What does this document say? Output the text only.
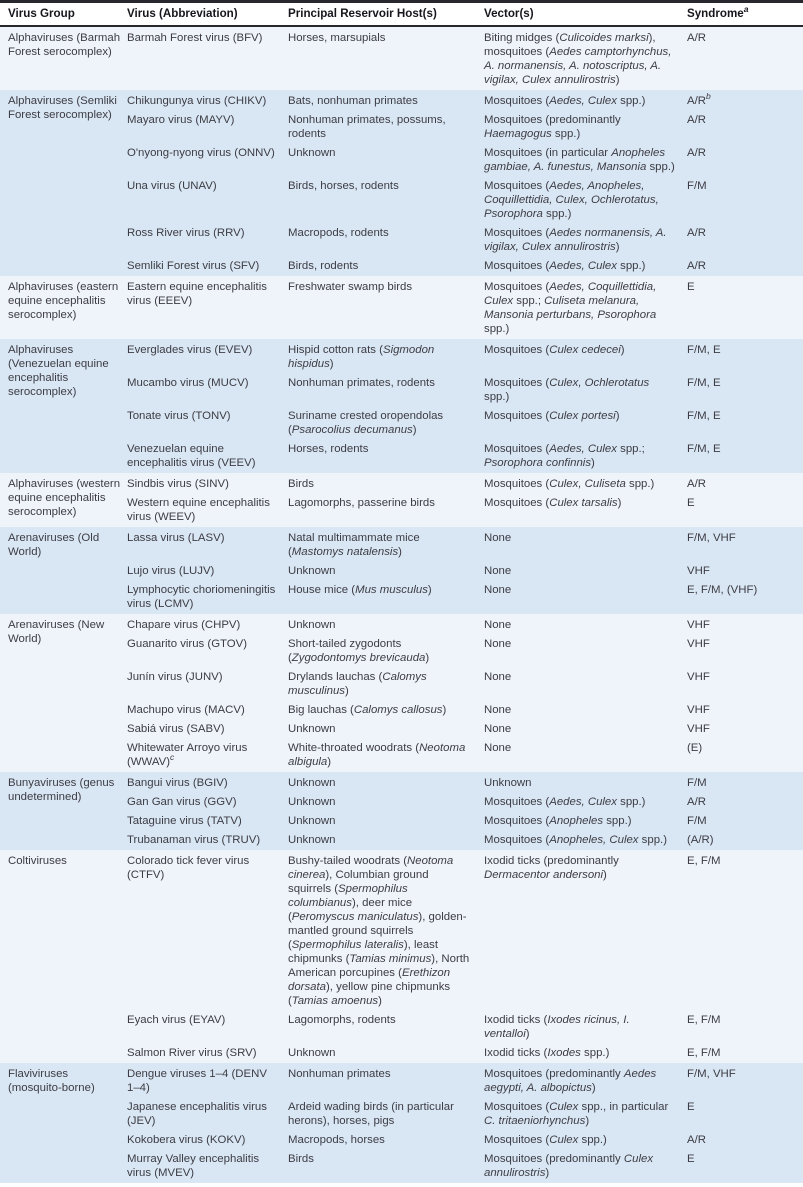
Virus Group	Virus (Abbreviation)	Principal Reservoir Host(s)	Vector(s)	Syndrome$^a$
Alphaviruses (Barmah Forest serocomplex)	Barmah Forest virus (BFV)	Horses, marsupials	Biting midges (Culicoides marksi), mosquitoes (Aedes camptorhynchus, A. normanensis, A. notoscriptus, A. vigilax, Culex annulirostris)	A/R
Alphaviruses (Semliki Forest serocomplex)	Chikungunya virus (CHIKV)	Bats, nonhuman primates	Mosquitoes (Aedes, Culex spp.)	$A/R^b$
	Mayaro virus (MAYV)	Nonhuman primates, possums, rodents	Mosquitoes (predominantly Haemagogus spp.)	A/R
	O'nyong-nyong virus (ONNV)	Unknown	Mosquitoes (in particular Anopheles gambiae, A. funestus, Mansonia spp.)	A/R
	Una virus (UNAV)	Birds, horses, rodents	Mosquitoes (Aedes, Anopheles, Coquillettidia, Culex, Ochlerotatus, Psorophora spp.)	F/M
	Ross River virus (RRV)	Macropods, rodents	Mosquitoes (Aedes normanensis, A. vigilax, Culex annulirostris)	A/R
	Semliki Forest virus (SFV)	Birds, rodents	Mosquitoes (Aedes, Culex spp.)	A/R
Alphaviruses (eastern equine encephalitis serocomplex)	Eastern equine encephalitis virus (EEEV)	Freshwater swamp birds	Mosquitoes (Aedes, Coquillettidia, Culex spp.; Culiseta melanura, Mansonia perturbans, Psorophora spp.)	E
Alphaviruses (Venezuelan equine encephalitis serocomplex)	Everglades virus (EVEV)	Hispid cotton rats (Sigmodon hispidus)	Mosquitoes (Culex cedecei)	F/M, E
	Mucambo virus (MUCV)	Nonhuman primates, rodents	Mosquitoes (Culex, Ochlerotatus spp.)	F/M, E
	Tonate virus (TONV)	Suriname crested oropendolas (Psarocolius decumanus)	Mosquitoes (Culex portesi)	F/M, E
	Venezuelan equine encephalitis virus (VEEV)	Horses, rodents	Mosquitoes (Aedes, Culex spp.; Psorophora confinnis)	F/M, E
Alphaviruses (western equine encephalitis serocomplex)	Sindbis virus (SINV)	Birds	Mosquitoes (Culex, Culiseta spp.)	A/R
	Western equine encephalitis virus (WEEV)	Lagomorphs, passerine birds	Mosquitoes (Culex tarsalis)	E
Arenaviruses (Old World)	Lassa virus (LASV)	Natal multimammate mice (Mastomys natalensis)	None	F/M, VHF
	Lujo virus (LUJV)	Unknown	None	VHF
	Lymphocytic choriomeningitis virus (LCMV)	House mice (Mus musculus)	None	E, F/M, (VHF)
Arenaviruses (New World)	Chapare virus (CHPV)	Unknown	None	VHF
	Guanarito virus (GTOV)	Short-tailed zygodonts (Zygodontomys brevicauda)	None	VHF
	Junín virus (JUNV)	Drylands lauchas (Calomys musculinus)	None	VHF
	Machupo virus (MACV)	Big lauchas (Calomys callosus)	None	VHF
	Sabiá virus (SABV)	Unknown	None	VHF
	Whitewater Arroyo virus (WWAV)$^c$	White-throated woodrats (Neotoma albigula)	None	(E)
Bunyaviruses (genus undetermined)	Bangui virus (BGIV)	Unknown	Unknown	F/M
	Gan Gan virus (GGV)	Unknown	Mosquitoes (Aedes, Culex spp.)	A/R
	Tataguine virus (TATV)	Unknown	Mosquitoes (Anopheles spp.)	F/M
	Trubanaman virus (TRUV)	Unknown	Mosquitoes (Anopheles, Culex spp.)	(A/R)
Coltiviruses	Colorado tick fever virus (CTFV)	Bushy-tailed woodrats (Neotoma cinerea), Columbian ground squirrels (Spermophilus columbianus), deer mice (Peromyscus maniculatus), golden-mantled ground squirrels (Spermophilus lateralis), least chipmunks (Tamias minimus), North American porcupines (Erethizon dorsata), yellow pine chipmunks (Tamias amoenus)	Ixodid ticks (predominantly Dermacentor andersoni)	E, F/M
	Eyach virus (EYAV)	Lagomorphs, rodents	Ixodid ticks (Ixodes ricinus, I. ventalloi)	E, F/M
	Salmon River virus (SRV)	Unknown	Ixodid ticks (Ixodes spp.)	E, F/M
Flaviviruses (mosquito-borne)	Dengue viruses 1–4 (DENV 1–4)	Nonhuman primates	Mosquitoes (predominantly Aedes aegypti, A. albopictus)	F/M, VHF
	Japanese encephalitis virus (JEV)	Ardeid wading birds (in particular herons), horses, pigs	Mosquitoes (Culex spp., in particular C. tritaeniorhynchus)	E
	Kokobera virus (KOKV)	Macropods, horses	Mosquitoes (Culex spp.)	A/R
	Murray Valley encephalitis virus (MVEV)	Birds	Mosquitoes (predominantly Culex annulirostris)	E
